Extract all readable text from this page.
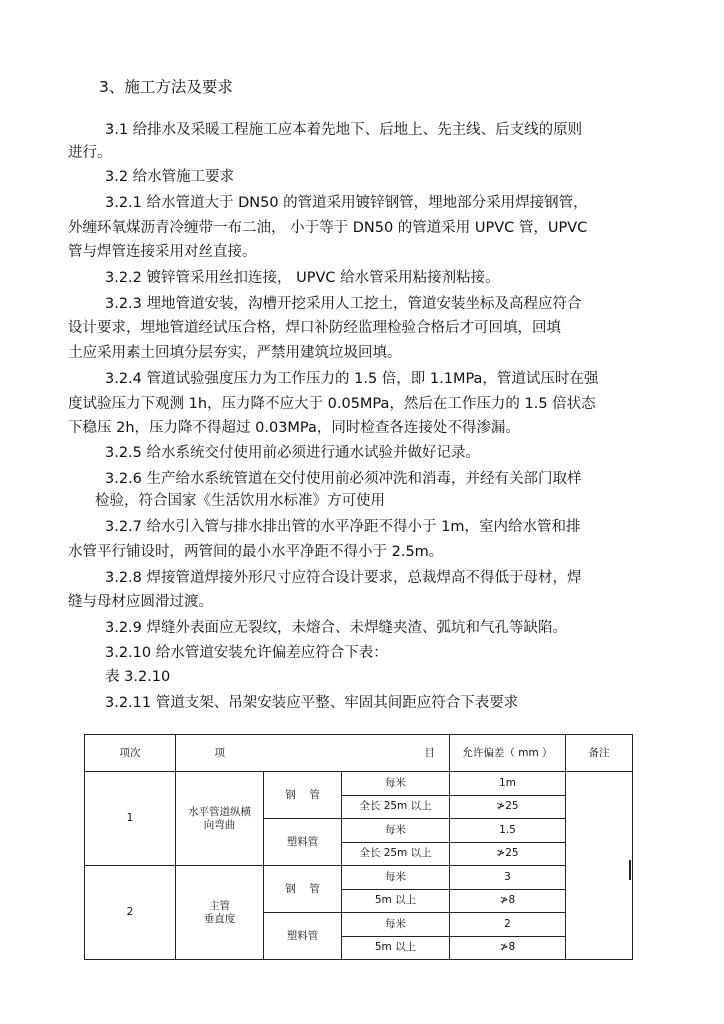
3、施工方法及要求
3.1 给排水及采暖工程施工应本着先地下、后地上、先主线、后支线的原则
进行。
3.2 给水管施工要求
3.2.1 给水管道大于 DN50 的管道采用镀锌钢管，埋地部分采用焊接钢管，
外缠环氧煤沥青冷缠带一布二油， 小于等于 DN50 的管道采用 UPVC 管，UPVC
管与焊管连接采用对丝直接。
3.2.2 镀锌管采用丝扣连接， UPVC 给水管采用粘接剂粘接。
3.2.3 埋地管道安装，沟槽开挖采用人工挖土，管道安装坐标及高程应符合
设计要求，埋地管道经试压合格，焊口补防经监理检验合格后才可回填，回填
土应采用素土回填分层夯实，严禁用建筑垃圾回填。
3.2.4 管道试验强度压力为工作压力的 1.5 倍，即 1.1MPa，管道试压时在强
度试验压力下观测 1h，压力降不应大于 0.05MPa，然后在工作压力的 1.5 倍状态
下稳压 2h，压力降不得超过 0.03MPa，同时检查各连接处不得渗漏。
3.2.5 给水系统交付使用前必须进行通水试验并做好记录。
3.2.6 生产给水系统管道在交付使用前必须冲洗和消毒，并经有关部门取样
检验，符合国家《生活饮用水标准》方可使用
3.2.7 给水引入管与排水排出管的水平净距不得小于 1m，室内给水管和排
水管平行铺设时，两管间的最小水平净距不得小于 2.5m。
3.2.8 焊接管道焊接外形尺寸应符合设计要求，总裁焊高不得低于母材，焊
缝与母材应圆滑过渡。
3.2.9 焊缝外表面应无裂纹，未熔合、未焊缝夹渣、弧坑和气孔等缺陷。
3.2.10 给水管道安装允许偏差应符合下表：
表 3.2.10
3.2.11 管道支架、吊架安装应平整、牢固其间距应符合下表要求
项次	项		目	允许偏差（ mm ）	备注
1	水平管道纵横
向弯曲	钢　 管	每米	1m	
			全长 25m 以上	≯25	
		塑料管	每米	1.5	
			全长 25m 以上	≯25	
2	主管
垂直度	钢　 管	每米	3	
			5m 以上	≯8	
		塑料管	每米	2	
			5m 以上	≯8	
